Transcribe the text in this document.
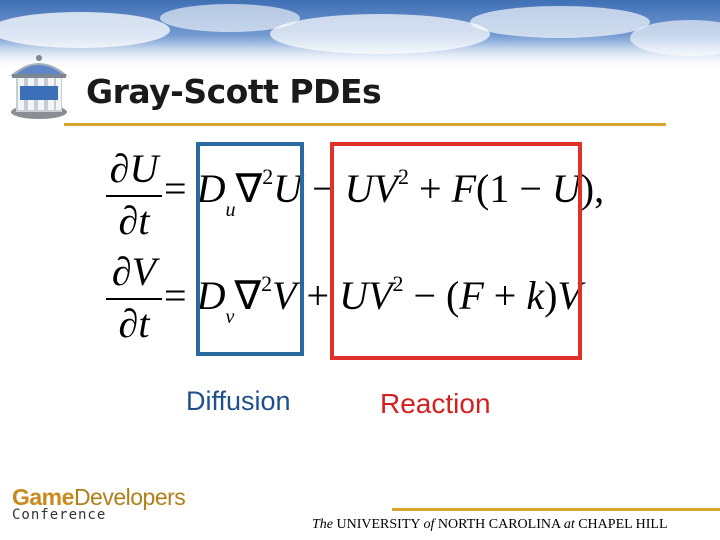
Gray-Scott PDEs
∂U
∂t
= $D_u\nabla^2U - UV^2 + F(1 - U)$,
∂V
∂t
= $D_v\nabla^2V + UV^2 - (F + k)V$
Diffusion	Reaction
GameDevelopers
Conference
The UNIVERSITY of NORTH CAROLINA at CHAPEL HILL
